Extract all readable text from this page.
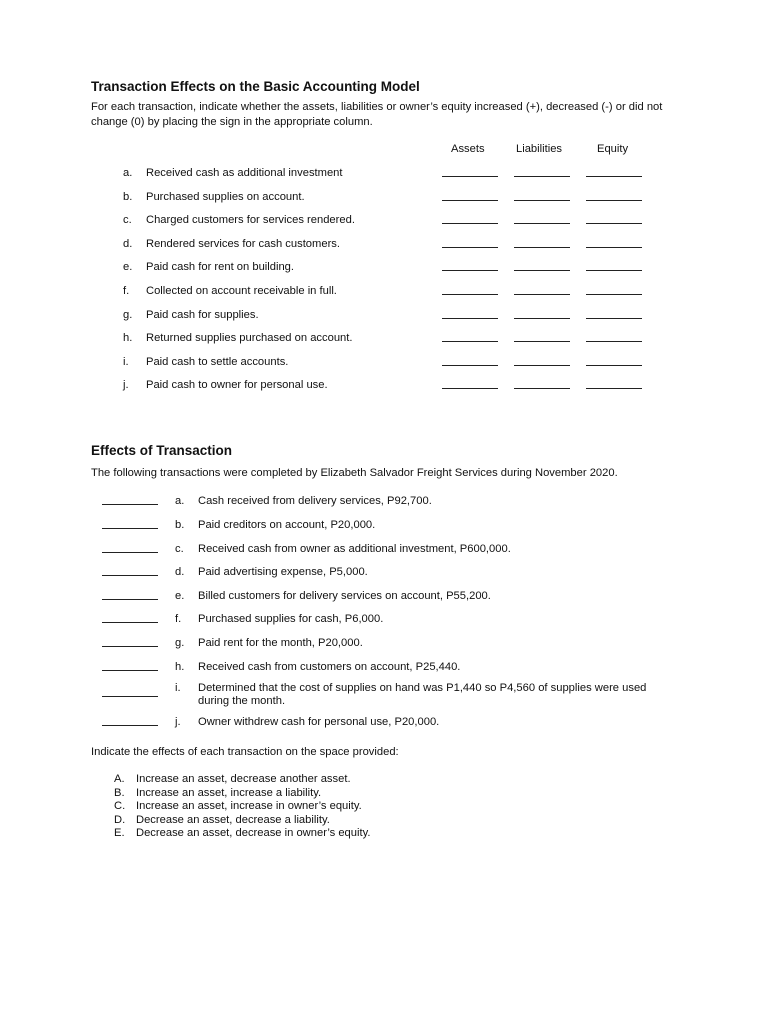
Transaction Effects on the Basic Accounting Model
For each transaction, indicate whether the assets, liabilities or owner’s equity increased (+), decreased (-) or did not change (0) by placing the sign in the appropriate column.
Assets	Liabilities	Equity
a. Received cash as additional investment
b. Purchased supplies on account.
c. Charged customers for services rendered.
d. Rendered services for cash customers.
e. Paid cash for rent on building.
f. Collected on account receivable in full.
g. Paid cash for supplies.
h. Returned supplies purchased on account.
i. Paid cash to settle accounts.
j. Paid cash to owner for personal use.
Effects of Transaction
The following transactions were completed by Elizabeth Salvador Freight Services during November 2020.
a. Cash received from delivery services, P92,700.
b. Paid creditors on account, P20,000.
c. Received cash from owner as additional investment, P600,000.
d. Paid advertising expense, P5,000.
e. Billed customers for delivery services on account, P55,200.
f. Purchased supplies for cash, P6,000.
g. Paid rent for the month, P20,000.
h. Received cash from customers on account, P25,440.
i. Determined that the cost of supplies on hand was P1,440 so P4,560 of supplies were used during the month.
j. Owner withdrew cash for personal use, P20,000.
Indicate the effects of each transaction on the space provided:
A. Increase an asset, decrease another asset.
B. Increase an asset, increase a liability.
C. Increase an asset, increase in owner’s equity.
D. Decrease an asset, decrease a liability.
E. Decrease an asset, decrease in owner’s equity.
